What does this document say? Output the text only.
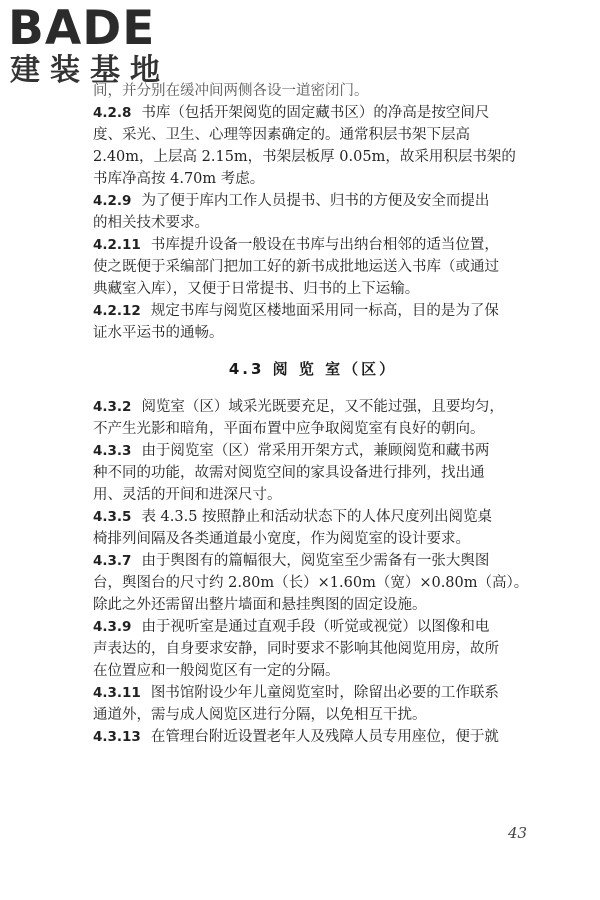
BADE
建装基地
间，并分别在缓冲间两侧各设一道密闭门。
4.2.8 书库（包括开架阅览的固定藏书区）的净高是按空间尺
度、采光、卫生、心理等因素确定的。通常积层书架下层高
2.40m，上层高 2.15m，书架层板厚 0.05m，故采用积层书架的
书库净高按 4.70m 考虑。
4.2.9 为了便于库内工作人员提书、归书的方便及安全而提出
的相关技术要求。
4.2.11 书库提升设备一般设在书库与出纳台相邻的适当位置，
使之既便于采编部门把加工好的新书成批地运送入书库（或通过
典藏室入库），又便于日常提书、归书的上下运输。
4.2.12 规定书库与阅览区楼地面采用同一标高，目的是为了保
证水平运书的通畅。
4.3 阅 览 室（区）
4.3.2 阅览室（区）域采光既要充足，又不能过强，且要均匀，
不产生光影和暗角，平面布置中应争取阅览室有良好的朝向。
4.3.3 由于阅览室（区）常采用开架方式，兼顾阅览和藏书两
种不同的功能，故需对阅览空间的家具设备进行排列，找出通
用、灵活的开间和进深尺寸。
4.3.5 表 4.3.5 按照静止和活动状态下的人体尺度列出阅览桌
椅排列间隔及各类通道最小宽度，作为阅览室的设计要求。
4.3.7 由于舆图有的篇幅很大，阅览室至少需备有一张大舆图
台，舆图台的尺寸约 2.80m（长）×1.60m（宽）×0.80m（高）。
除此之外还需留出整片墙面和悬挂舆图的固定设施。
4.3.9 由于视听室是通过直观手段（听觉或视觉）以图像和电
声表达的，自身要求安静，同时要求不影响其他阅览用房，故所
在位置应和一般阅览区有一定的分隔。
4.3.11 图书馆附设少年儿童阅览室时，除留出必要的工作联系
通道外，需与成人阅览区进行分隔，以免相互干扰。
4.3.13 在管理台附近设置老年人及残障人员专用座位，便于就
43
